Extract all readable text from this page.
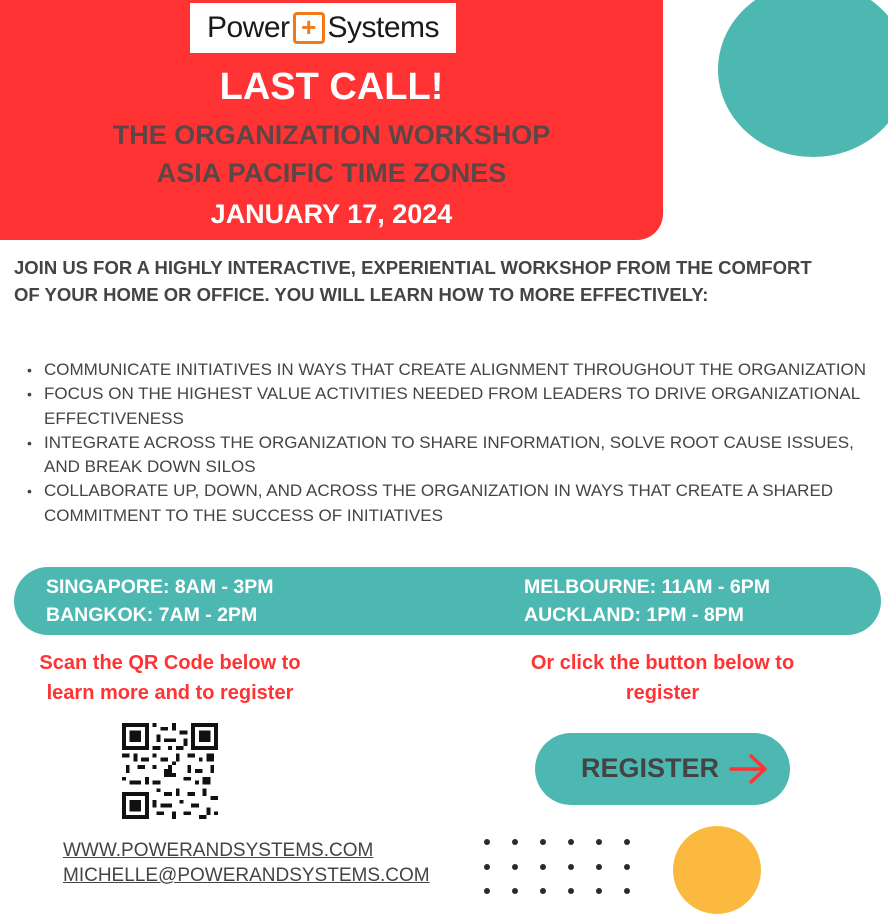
Power + Systems
LAST CALL!
THE ORGANIZATION WORKSHOP
ASIA PACIFIC TIME ZONES
JANUARY 17, 2024
JOIN US FOR A HIGHLY INTERACTIVE, EXPERIENTIAL WORKSHOP FROM THE COMFORT OF YOUR HOME OR OFFICE. YOU WILL LEARN HOW TO MORE EFFECTIVELY:
• COMMUNICATE INITIATIVES IN WAYS THAT CREATE ALIGNMENT THROUGHOUT THE ORGANIZATION
• FOCUS ON THE HIGHEST VALUE ACTIVITIES NEEDED FROM LEADERS TO DRIVE ORGANIZATIONAL EFFECTIVENESS
• INTEGRATE ACROSS THE ORGANIZATION TO SHARE INFORMATION, SOLVE ROOT CAUSE ISSUES, AND BREAK DOWN SILOS
• COLLABORATE UP, DOWN, AND ACROSS THE ORGANIZATION IN WAYS THAT CREATE A SHARED COMMITMENT TO THE SUCCESS OF INITIATIVES
SINGAPORE: 8AM - 3PM
BANGKOK: 7AM - 2PM
MELBOURNE: 11AM - 6PM
AUCKLAND: 1PM - 8PM
Scan the QR Code below to
learn more and to register
Or click the button below to
register
REGISTER
WWW.POWERANDSYSTEMS.COM
MICHELLE@POWERANDSYSTEMS.COM
